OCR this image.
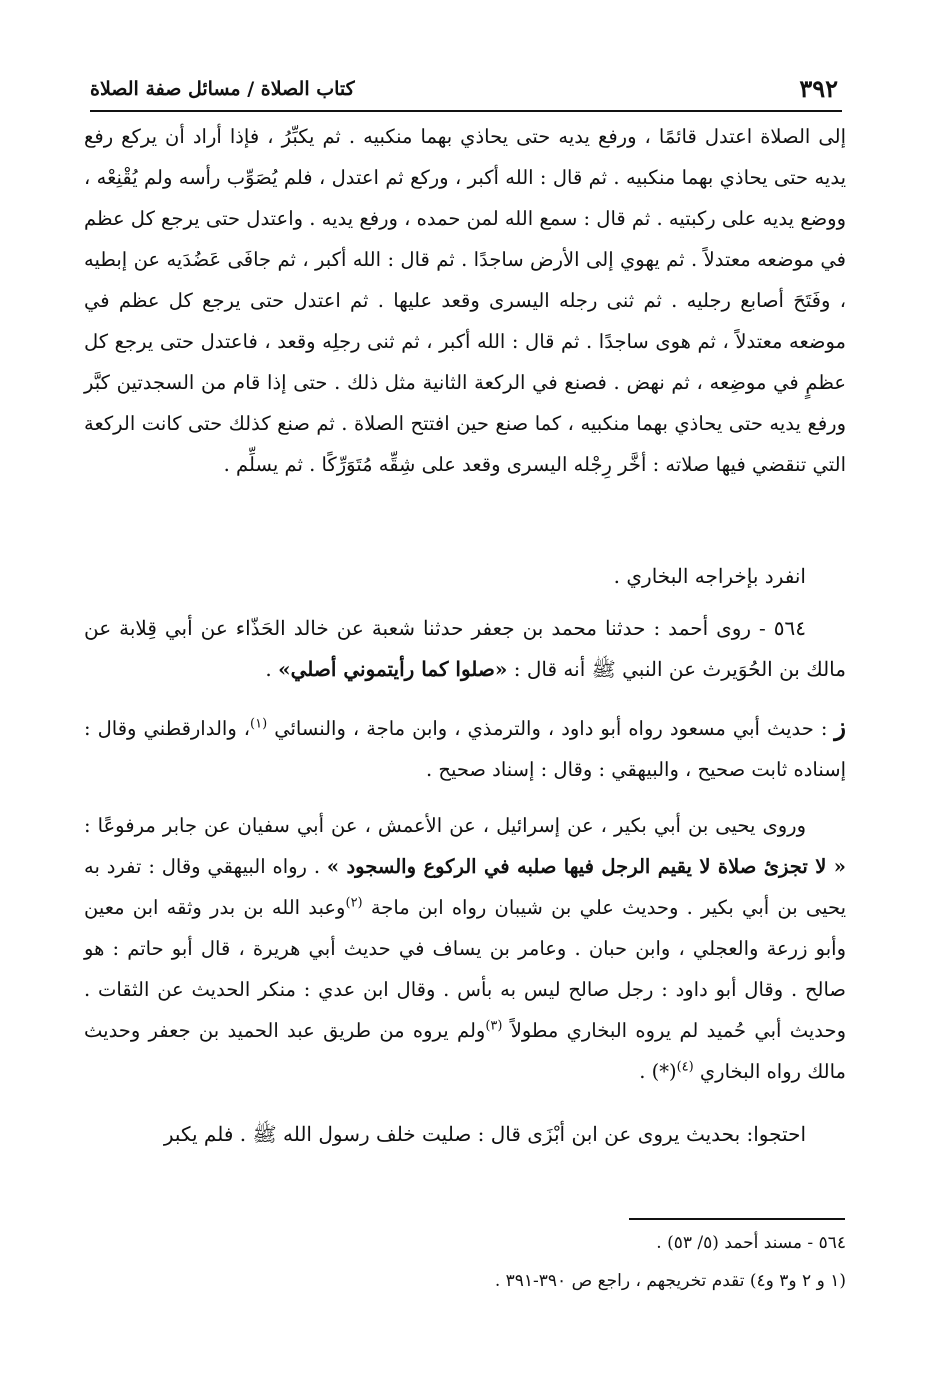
٣٩٢
كتاب الصلاة / مسائل صفة الصلاة

إلى الصلاة اعتدل قائمًا ، ورفع يديه حتى يحاذي بهما منكبيه . ثم يكبِّرُ ، فإذا أراد أن يركع رفع يديه حتى يحاذي بهما منكبيه . ثم قال : الله أكبر ، وركع ثم اعتدل ، فلم يُصَوِّب رأسه ولم يُقْنِعْه ، ووضع يديه على ركبتيه . ثم قال : سمع الله لمن حمده ، ورفع يديه . واعتدل حتى يرجع كل عظم في موضعه معتدلاً . ثم يهوي إلى الأرض ساجدًا . ثم قال : الله أكبر ، ثم جافَى عَضُدَيه عن إبطيه ، وفَتَحَ أصابع رجليه . ثم ثنى رجله اليسرى وقعد عليها . ثم اعتدل حتى يرجع كل عظم في موضعه معتدلاً ، ثم هوى ساجدًا . ثم قال : الله أكبر ، ثم ثنى رجلِه وقعد ، فاعتدل حتى يرجع كل عظمٍ في موضِعه ، ثم نهض . فصنع في الركعة الثانية مثل ذلك . حتى إذا قام من السجدتين كبَّر ورفع يديه حتى يحاذي بهما منكبيه ، كما صنع حين افتتح الصلاة . ثم صنع كذلك حتى كانت الركعة التي تنقضي فيها صلاته : أخَّر رِجْله اليسرى وقعد على شِقِّه مُتَوَرِّكًا . ثم يسلِّم .

انفرد بإخراجه البخاري .

٥٦٤ - روى أحمد : حدثنا محمد بن جعفر حدثنا شعبة عن خالد الحَذّاء عن أبي قِلابة عن مالك بن الحُوَيرث عن النبي ﷺ أنه قال : «صلوا كما رأيتموني أصلي» .

ز : حديث أبي مسعود رواه أبو داود ، والترمذي ، وابن ماجة ، والنسائي $^{(١)}$، والدارقطني وقال : إسناده ثابت صحيح ، والبيهقي : وقال : إسناد صحيح .

وروى يحيى بن أبي بكير ، عن إسرائيل ، عن الأعمش ، عن أبي سفيان عن جابر مرفوعًا : « لا تجزئ صلاة لا يقيم الرجل فيها صلبه في الركوع والسجود » . رواه البيهقي وقال : تفرد به يحيى بن أبي بكير . وحديث علي بن شيبان رواه ابن ماجة $^{(٢)}$وعبد الله بن بدر وثقه ابن معين وأبو زرعة والعجلي ، وابن حبان . وعامر بن يساف في حديث أبي هريرة ، قال أبو حاتم : هو صالح . وقال أبو داود : رجل صالح ليس به بأس . وقال ابن عدي : منكر الحديث عن الثقات . وحديث أبي حُميد لم يروه البخاري مطولاً $^{(٣)}$ولم يروه من طريق عبد الحميد بن جعفر وحديث مالك رواه البخاري $^{(٤)}$(*) .

احتجوا: بحديث يروى عن ابن أبْزَى قال : صليت خلف رسول الله ﷺ . فلم يكبر

٥٦٤ - مسند أحمد (٥/ ٥٣) .
(١ و ٢ و٣ و٤) تقدم تخريجهم ، راجع ص ٣٩٠-٣٩١ .
